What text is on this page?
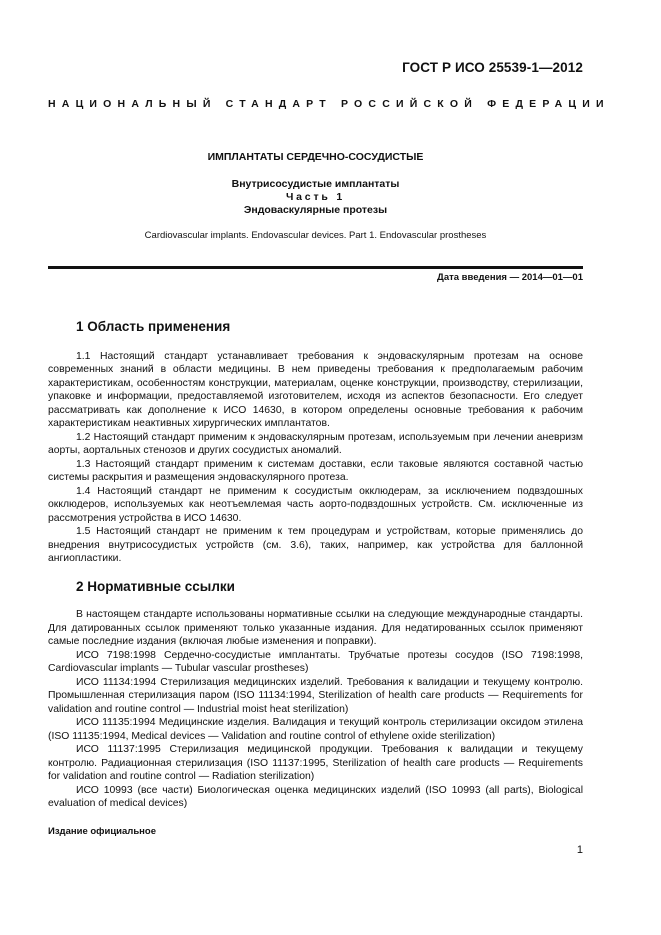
ГОСТ Р ИСО 25539-1—2012
НАЦИОНАЛЬНЫЙ СТАНДАРТ РОССИЙСКОЙ ФЕДЕРАЦИИ
ИМПЛАНТАТЫ СЕРДЕЧНО-СОСУДИСТЫЕ
Внутрисосудистые имплантаты
Часть 1
Эндоваскулярные протезы
Cardiovascular implants. Endovascular devices. Part 1. Endovascular prostheses
Дата введения — 2014—01—01
1 Область применения

1.1 Настоящий стандарт устанавливает требования к эндоваскулярным протезам на основе современных знаний в области медицины. В нем приведены требования к предполагаемым рабочим характеристикам, особенностям конструкции, материалам, оценке конструкции, производству, стерилизации, упаковке и информации, предоставляемой изготовителем, исходя из аспектов безопасности. Его следует рассматривать как дополнение к ИСО 14630, в котором определены основные требования к рабочим характеристикам неактивных хирургических имплантатов.

1.2 Настоящий стандарт применим к эндоваскулярным протезам, используемым при лечении аневризм аорты, аортальных стенозов и других сосудистых аномалий.

1.3 Настоящий стандарт применим к системам доставки, если таковые являются составной частью системы раскрытия и размещения эндоваскулярного протеза.

1.4 Настоящий стандарт не применим к сосудистым окклюдерам, за исключением подвздошных окклюдеров, используемых как неотъемлемая часть аорто-подвздошных устройств. См. исключенные из рассмотрения устройства в ИСО 14630.

1.5 Настоящий стандарт не применим к тем процедурам и устройствам, которые применялись до внедрения внутрисосудистых устройств (см. 3.6), таких, например, как устройства для баллонной ангиопластики.

2 Нормативные ссылки

В настоящем стандарте использованы нормативные ссылки на следующие международные стандарты. Для датированных ссылок применяют только указанные издания. Для недатированных ссылок применяют самые последние издания (включая любые изменения и поправки).

ИСО 7198:1998 Сердечно-сосудистые имплантаты. Трубчатые протезы сосудов (ISO 7198:1998, Cardiovascular implants — Tubular vascular prostheses)

ИСО 11134:1994 Стерилизация медицинских изделий. Требования к валидации и текущему контролю. Промышленная стерилизация паром (ISO 11134:1994, Sterilization of health care products — Requirements for validation and routine control — Industrial moist heat sterilization)

ИСО 11135:1994 Медицинские изделия. Валидация и текущий контроль стерилизации оксидом этилена (ISO 11135:1994, Medical devices — Validation and routine control of ethylene oxide sterilization)

ИСО 11137:1995 Стерилизация медицинской продукции. Требования к валидации и текущему контролю. Радиационная стерилизация (ISO 11137:1995, Sterilization of health care products — Requirements for validation and routine control — Radiation sterilization)

ИСО 10993 (все части) Биологическая оценка медицинских изделий (ISO 10993 (all parts), Biological evaluation of medical devices)

Издание официальное
1
